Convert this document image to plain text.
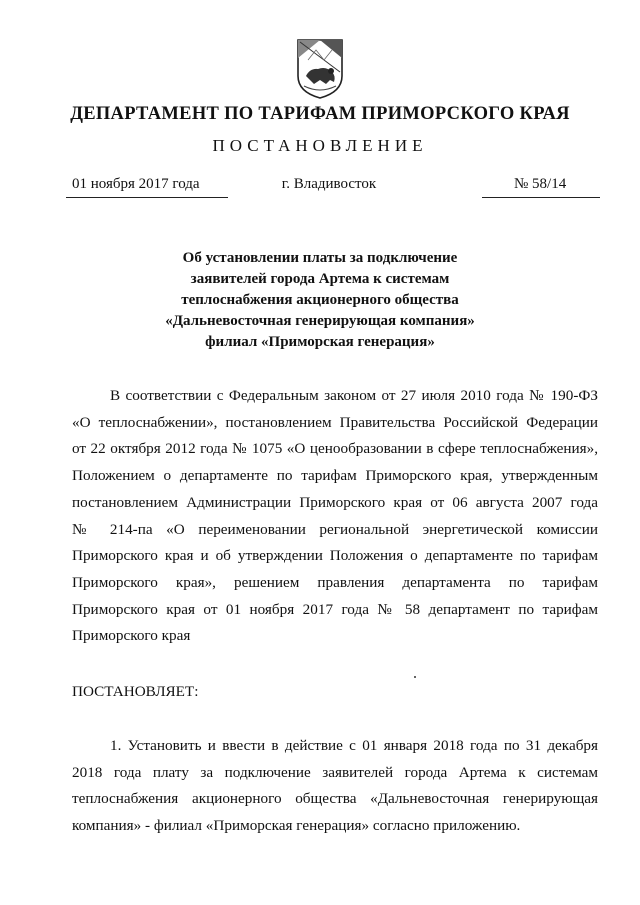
ДЕПАРТАМЕНТ ПО ТАРИФАМ ПРИМОРСКОГО КРАЯ
ПОСТАНОВЛЕНИЕ
01 ноября 2017 года	г. Владивосток	№ 58/14
Об установлении платы за подключение
заявителей города Артема к системам
теплоснабжения акционерного общества
«Дальневосточная генерирующая компания»
филиал «Приморская генерация»
В соответствии с Федеральным законом от 27 июля 2010 года № 190-ФЗ
«О теплоснабжении», постановлением Правительства Российской Федерации
от 22 октября 2012 года № 1075 «О ценообразовании в сфере теплоснабжения»,
Положением о департаменте по тарифам Приморского края, утвержденным
постановлением Администрации Приморского края от 06 августа 2007 года
№ 214-па «О переименовании региональной энергетической комиссии
Приморского края и об утверждении Положения о департаменте по тарифам
Приморского края», решением правления департамента по тарифам
Приморского края от 01 ноября 2017 года № 58 департамент по тарифам
Приморского края
ПОСТАНОВЛЯЕТ:
1. Установить и ввести в действие с 01 января 2018 года по 31 декабря
2018 года плату за подключение заявителей города Артема к системам
теплоснабжения акционерного общества «Дальневосточная генерирующая
компания» - филиал «Приморская генерация» согласно приложению.
